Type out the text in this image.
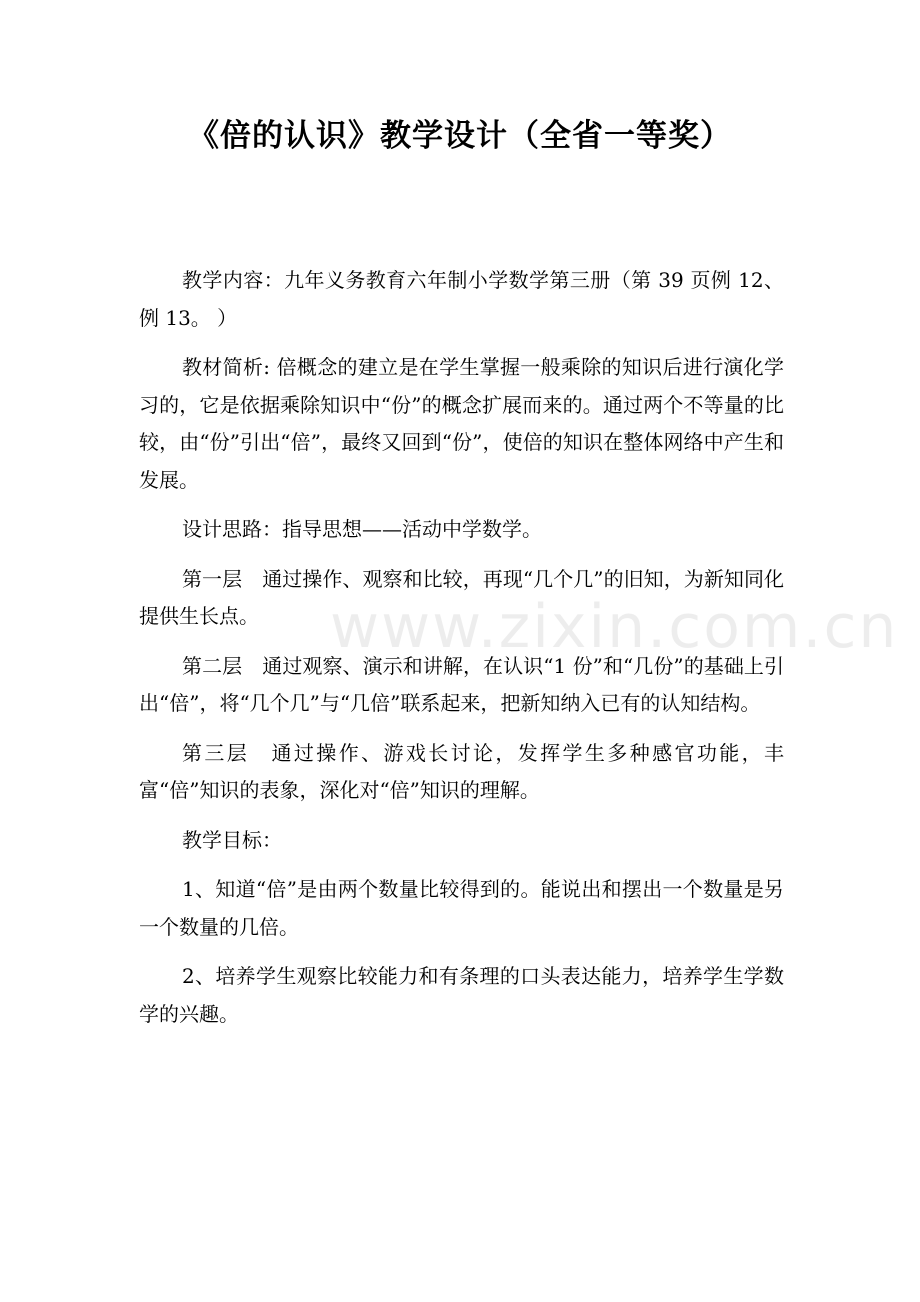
www.zixin.com.cn
《倍的认识》教学设计（全省一等奖）

教学内容：九年义务教育六年制小学数学第三册（第 39 页例 12、例 13。 ）

教材简析: 倍概念的建立是在学生掌握一般乘除的知识后进行演化学习的，它是依据乘除知识中“份”的概念扩展而来的。通过两个不等量的比较，由“份”引出“倍”，最终又回到“份”，使倍的知识在整体网络中产生和发展。

设计思路：指导思想——活动中学数学。

第一层　通过操作、观察和比较，再现“几个几”的旧知，为新知同化提供生长点。

第二层　通过观察、演示和讲解，在认识“1 份”和“几份”的基础上引出“倍”，将“几个几”与“几倍”联系起来，把新知纳入已有的认知结构。

第三层　通过操作、游戏长讨论，发挥学生多种感官功能，丰富“倍”知识的表象，深化对“倍”知识的理解。

教学目标：

1、知道“倍”是由两个数量比较得到的。能说出和摆出一个数量是另一个数量的几倍。

2、培养学生观察比较能力和有条理的口头表达能力，培养学生学数学的兴趣。
